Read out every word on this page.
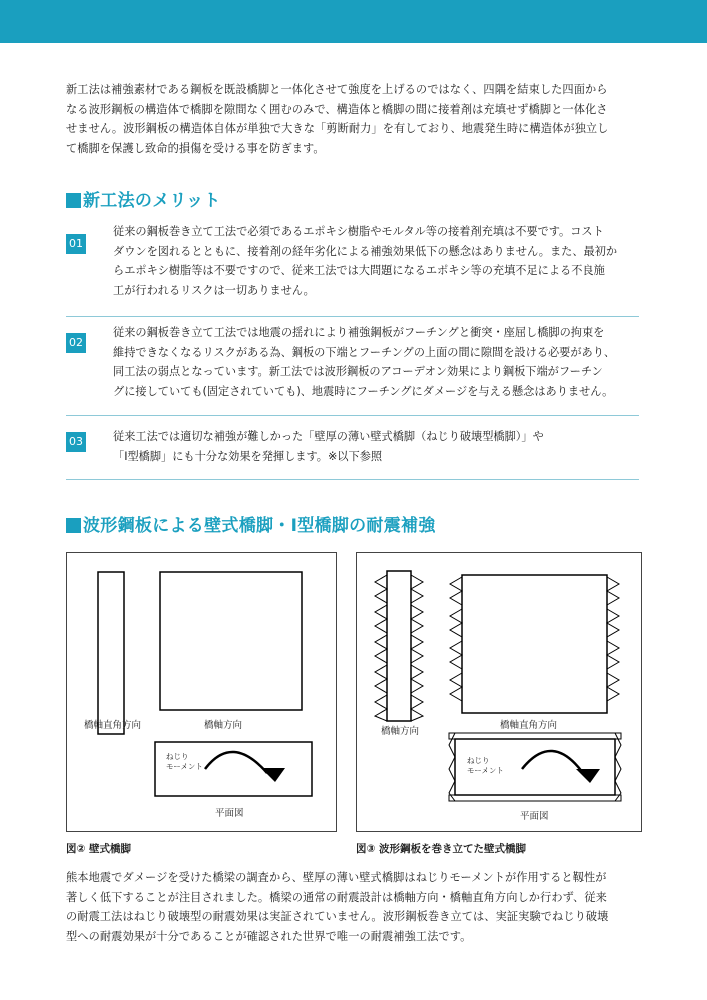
新工法は補強素材である鋼板を既設橋脚と一体化させて強度を上げるのではなく、四隅を結束した四面から
なる波形鋼板の構造体で橋脚を隙間なく囲むのみで、構造体と橋脚の間に接着剤は充填せず橋脚と一体化さ
せません。波形鋼板の構造体自体が単独で大きな「剪断耐力」を有しており、地震発生時に構造体が独立し
て橋脚を保護し致命的損傷を受ける事を防ぎます。
新工法のメリット
01
従来の鋼板巻き立て工法で必須であるエポキシ樹脂やモルタル等の接着剤充填は不要です。コスト
ダウンを図れるとともに、接着剤の経年劣化による補強効果低下の懸念はありません。また、最初か
らエポキシ樹脂等は不要ですので、従来工法では大問題になるエポキシ等の充填不足による不良施
工が行われるリスクは一切ありません。
02
従来の鋼板巻き立て工法では地震の揺れにより補強鋼板がフーチングと衝突・座屈し橋脚の拘束を
維持できなくなるリスクがある為、鋼板の下端とフーチングの上面の間に隙間を設ける必要があり、
同工法の弱点となっています。新工法では波形鋼板のアコーデオン効果により鋼板下端がフーチン
グに接していても(固定されていても)、地震時にフーチングにダメージを与える懸念はありません。
03	従来工法では適切な補強が難しかった「壁厚の薄い壁式橋脚（ねじり破壊型橋脚）」や
「I型橋脚」にも十分な効果を発揮します。※以下参照
波形鋼板による壁式橋脚・I型橋脚の耐震補強
橋軸直角方向	橋軸方向
ねじり
モーメント
平面図
図② 壁式橋脚
橋軸方向
橋軸直角方向
ねじり
モーメント
平面図
図③ 波形鋼板を巻き立てた壁式橋脚
熊本地震でダメージを受けた橋梁の調査から、壁厚の薄い壁式橋脚はねじりモーメントが作用すると靱性が
著しく低下することが注目されました。橋梁の通常の耐震設計は橋軸方向・橋軸直角方向しか行わず、従来
の耐震工法はねじり破壊型の耐震効果は実証されていません。波形鋼板巻き立ては、実証実験でねじり破壊
型への耐震効果が十分であることが確認された世界で唯一の耐震補強工法です。
